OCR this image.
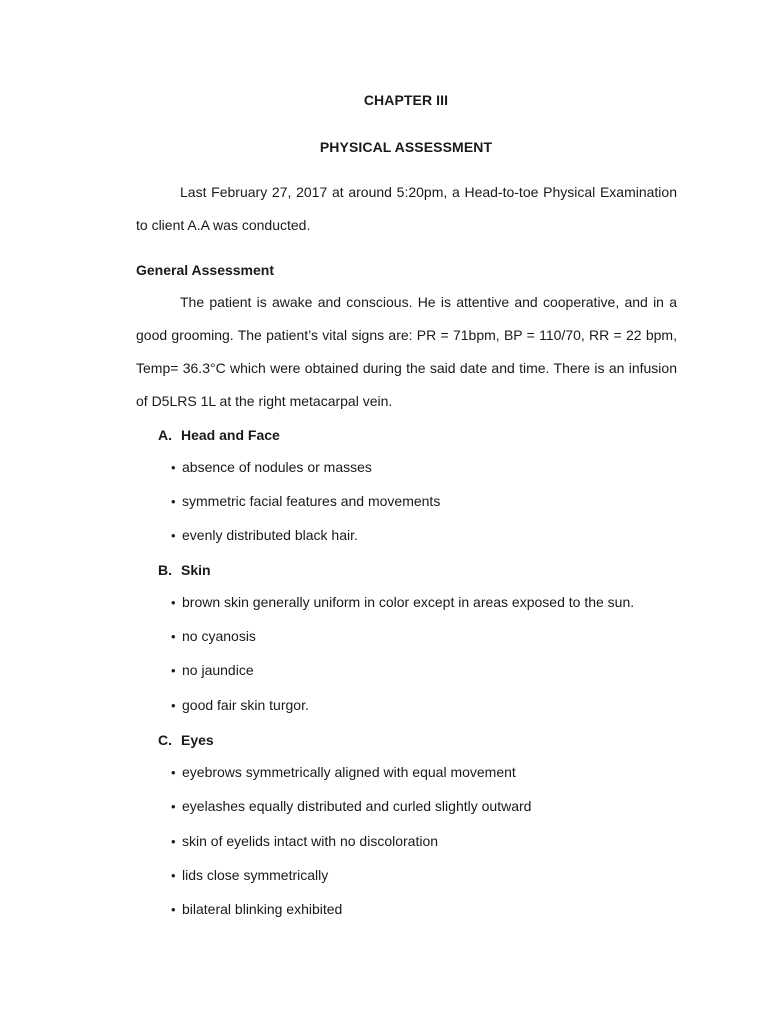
CHAPTER III
PHYSICAL ASSESSMENT

Last February 27, 2017 at around 5:20pm, a Head-to-toe Physical Examination to client A.A was conducted.

General Assessment

The patient is awake and conscious. He is attentive and cooperative, and in a good grooming. The patient’s vital signs are: PR = 71bpm, BP = 110/70, RR = 22 bpm, Temp= 36.3°C which were obtained during the said date and time. There is an infusion of D5LRS 1L at the right metacarpal vein.

A. Head and Face
• absence of nodules or masses
• symmetric facial features and movements
• evenly distributed black hair.
B. Skin
• brown skin generally uniform in color except in areas exposed to the sun.
• no cyanosis
• no jaundice
• good fair skin turgor.
C. Eyes
• eyebrows symmetrically aligned with equal movement
• eyelashes equally distributed and curled slightly outward
• skin of eyelids intact with no discoloration
• lids close symmetrically
• bilateral blinking exhibited
